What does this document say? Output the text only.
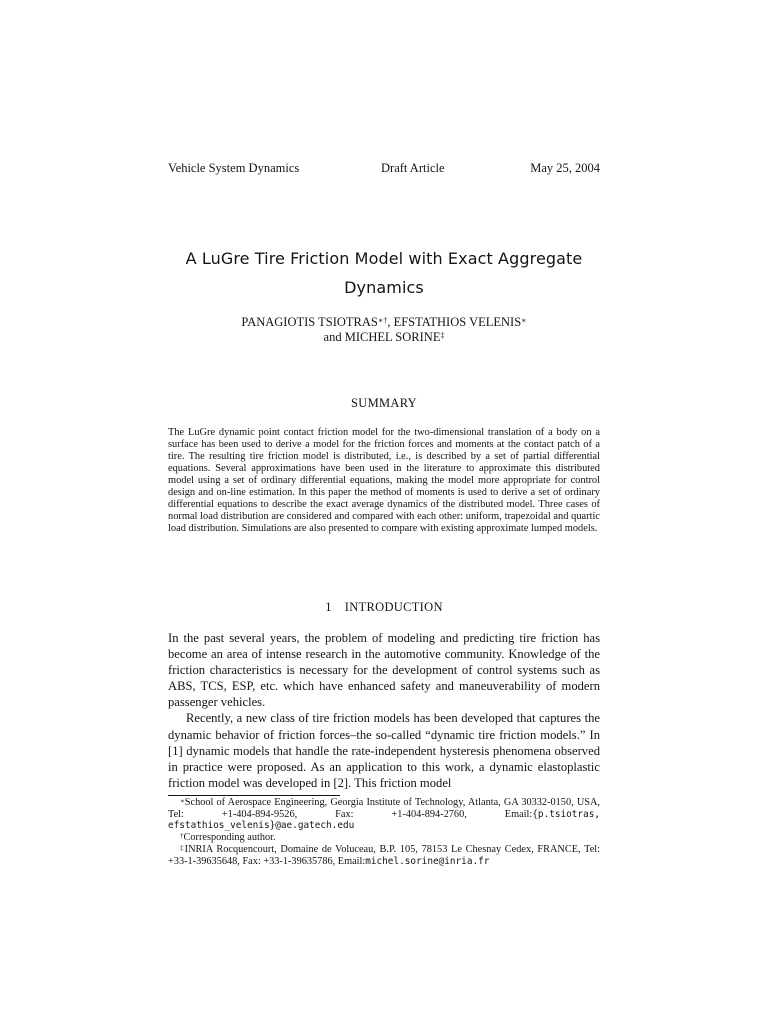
Vehicle System Dynamics	Draft Article	May 25, 2004
A LuGre Tire Friction Model with Exact Aggregate
Dynamics
PANAGIOTIS TSIOTRAS∗†, EFSTATHIOS VELENIS∗
and MICHEL SORINE‡
SUMMARY
The LuGre dynamic point contact friction model for the two-dimensional translation of a body on a surface has been used to derive a model for the friction forces and moments at the contact patch of a tire. The resulting tire friction model is distributed, i.e., is described by a set of partial differential equations. Several approximations have been used in the literature to approximate this distributed model using a set of ordinary differential equations, making the model more appropriate for control design and on-line estimation. In this paper the method of moments is used to derive a set of ordinary differential equations to describe the exact average dynamics of the distributed model. Three cases of normal load distribution are considered and compared with each other: uniform, trapezoidal and quartic load distribution. Simulations are also presented to compare with existing approximate lumped models.
1 INTRODUCTION

In the past several years, the problem of modeling and predicting tire friction has become an area of intense research in the automotive community. Knowledge of the friction characteristics is necessary for the development of control systems such as ABS, TCS, ESP, etc. which have enhanced safety and maneuverability of modern passenger vehicles.

Recently, a new class of tire friction models has been developed that captures the dynamic behavior of friction forces–the so-called “dynamic tire friction models.” In [1] dynamic models that handle the rate-independent hysteresis phenomena observed in practice were proposed. As an application to this work, a dynamic elastoplastic friction model was developed in [2]. This friction model

∗School of Aerospace Engineering, Georgia Institute of Technology, Atlanta, GA 30332-0150, USA, Tel: +1-404-894-9526, Fax: +1-404-894-2760, Email:{p.tsiotras, efstathios_velenis}@ae.gatech.edu

†Corresponding author.

‡INRIA Rocquencourt, Domaine de Voluceau, B.P. 105, 78153 Le Chesnay Cedex, FRANCE, Tel: +33-1-39635648, Fax: +33-1-39635786, Email:michel.sorine@inria.fr
